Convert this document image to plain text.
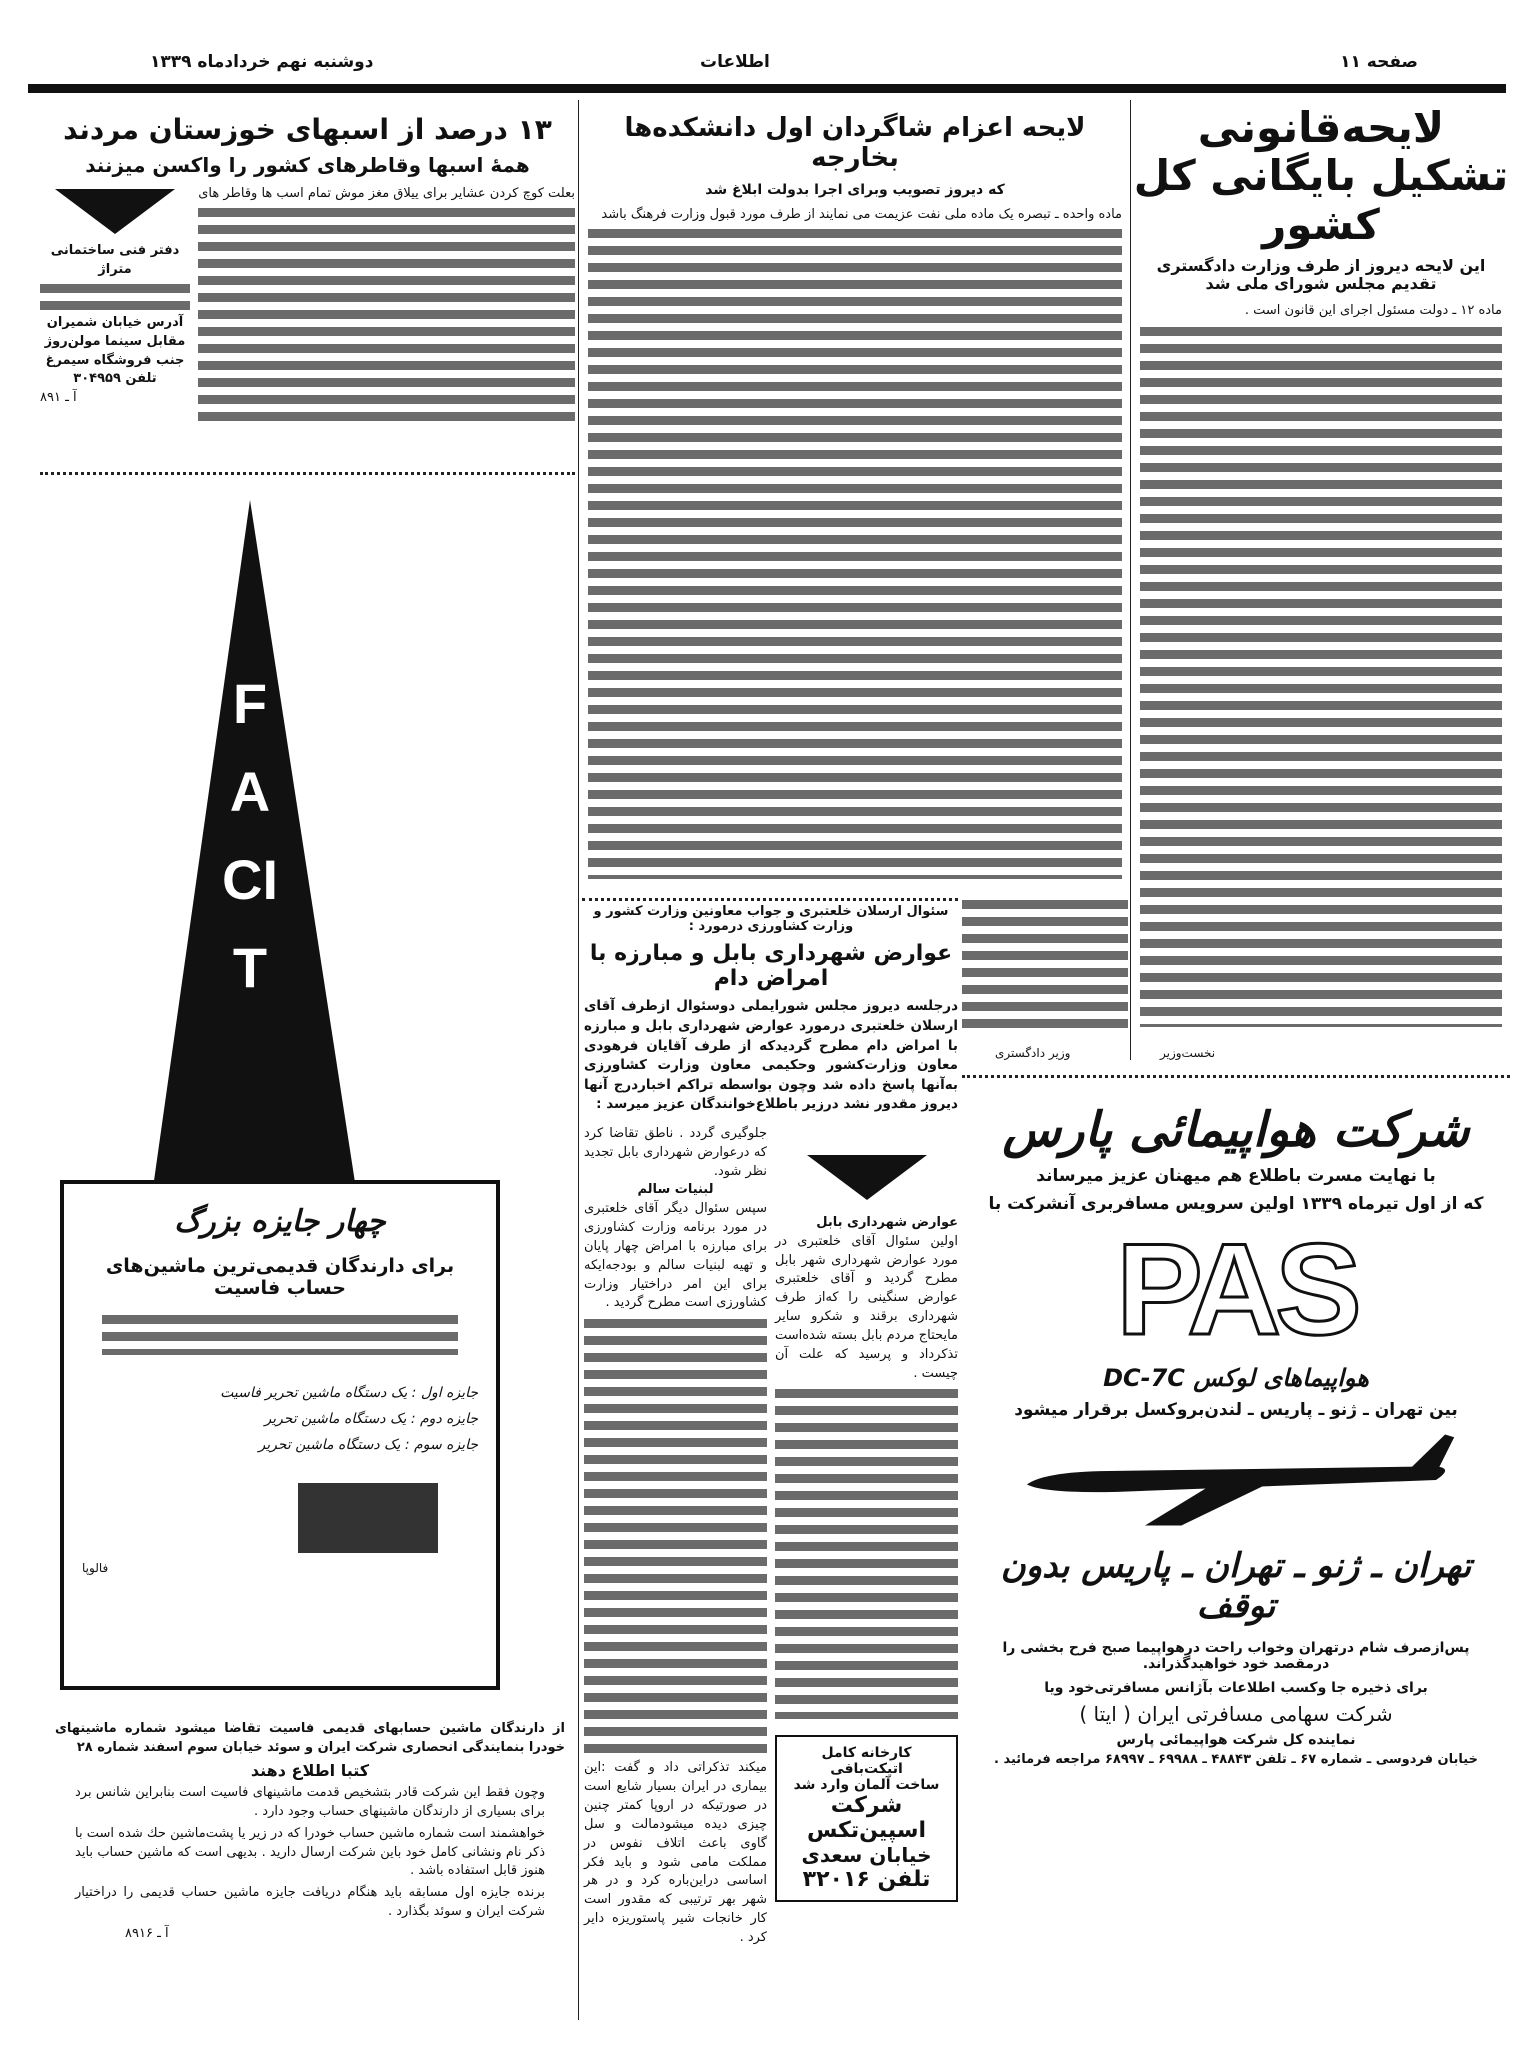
صفحه ۱۱
اطلاعات
دوشنبه نهم خردادماه ۱۳۳۹
لایحه‌قانونی تشکیل بایگانی کل کشور
این لایحه دیروز از طرف وزارت دادگستری تقدیم مجلس شورای ملی شد
ماده ۱۲ ـ دولت مسئول اجرای این قانون است .
لایحه اعزام شاگردان اول دانشکده‌ها بخارجه
که دیروز تصویب وبرای اجرا بدولت ابلاغ شد
ماده واحده ـ تبصره یک ماده ملی نفت عزیمت می نمایند از طرف مورد قبول وزارت فرهنگ باشد
نخست‌وزیر
وزیر دادگستری
۱۳ درصد از اسبهای خوزستان مردند
همهٔ اسبها وقاطرهای کشور را واکسن میزنند
بعلت کوچ کردن عشایر برای ییلاق مغز موش تمام اسب ها وقاطر های
دفتر فنی ساختمانی متراژ
آدرس خیابان شمیران مقابل سینما مولن‌روژ جنب فروشگاه سیمرغ
تلفن ۳۰۴۹۵۹
آ ـ ۸۹۱
FACIT
چهار جایزه بزرگ
برای دارندگان قدیمی‌ترین ماشین‌های حساب فاسیت
جایزه اول : یک دستگاه ماشین تحریر فاسیت
جایزه دوم : یک دستگاه ماشین تحریر
جایزه سوم : یک دستگاه ماشین تحریر
فالوپا
از دارندگان ماشین حسابهای قدیمی فاسیت تقاضا میشود شماره ماشینهای خودرا بنمایندگی انحصاری شرکت ایران و سوئد خیابان سوم اسفند شماره ۲۸
کتبا اطلاع دهند
وچون فقط این شرکت قادر بتشخیص قدمت ماشینهای فاسیت است بنابراین شانس برد برای بسیاری از دارندگان ماشینهای حساب وجود دارد .
خواهشمند است شماره ماشین حساب خودرا که در زیر یا پشت‌ماشین حك شده است با ذکر نام ونشانی کامل خود باین شرکت ارسال دارید . بدیهی است که ماشین حساب باید هنوز قابل استفاده باشد .
برنده جایزه اول مسابقه باید هنگام دریافت جایزه ماشین حساب قدیمی را دراختیار شرکت ایران و سوئد بگذارد .
آ ـ ۸۹۱۶
سئوال ارسلان خلعتبری و جواب معاونین وزارت کشور و وزارت کشاورزی درمورد :
عوارض شهرداری بابل و مبارزه با امراض دام
درجلسه دیروز مجلس شورایملی دوسئوال ازطرف آقای ارسلان خلعتبری درمورد عوارض شهرداری بابل و مبارزه با امراض دام مطرح گردیدکه از طرف آقایان فرهودی معاون وزارت‌کشور وحکیمی معاون وزارت کشاورزی به‌آنها پاسخ داده شد وچون بواسطه تراکم اخباردرج آنها دیروز مقدور نشد درزیر باطلاع‌خوانندگان عزیز میرسد :
عوارض شهرداری بابل
اولین سئوال آقای خلعتبری در مورد عوارض شهرداری شهر بابل مطرح گردید و آقای خلعتبری عوارض سنگینی را که‌از طرف شهرداری برقند و شکرو سایر مایحتاج مردم بابل بسته شده‌است تذکرداد و پرسید که علت آن چیست .
کارخانه کامل اتیکت‌بافی
ساخت آلمان وارد شد
شرکت اسپین‌تکس
خیابان سعدی
تلفن ۳۲۰۱۶
جلوگیری گردد . ناطق تقاضا کرد که درعوارض شهرداری بابل تجدید نظر شود.
لبنیات سالم
سپس سئوال دیگر آقای خلعتبری در مورد برنامه وزارت کشاورزی برای مبارزه با امراض چهار پایان و تهیه لبنیات سالم و بودجه‌ایکه برای این امر دراختیار وزارت کشاورزی است مطرح گردید .
میکند تذکراتی داد و گفت :این بیماری در ایران بسیار شایع است در صورتیکه در اروپا کمتر چنین چیزی دیده میشودمالت و سل گاوی باعث اتلاف نفوس در مملکت مامی شود و باید فکر اساسی دراین‌باره کرد و در هر شهر بهر ترتیبی که مقدور است کار خانجات شیر پاستوریزه دایر کرد .
شرکت هواپیمائی پارس
با نهایت مسرت باطلاع هم میهنان عزیز میرساند
که از اول تیرماه ۱۳۳۹ اولین سرویس مسافربری آنشرکت با
PAS
هواپیماهای لوکس DC-7C
بین تهران ـ ژنو ـ پاریس ـ لندن‌بروکسل برقرار میشود
تهران ـ ژنو ـ تهران ـ پاریس بدون توقف
پس‌ازصرف شام درتهران وخواب راحت درهواپیما صبح فرح بخشی را درمقصد خود خواهیدگذراند.
برای ذخیره جا وکسب اطلاعات بآژانس مسافرتی‌خود ویا
شرکت سهامی مسافرتی ایران ( ایتا )
نماینده کل شرکت هواپیمائی پارس
خیابان فردوسی ـ شماره ۶۷ ـ تلفن ۴۸۸۴۳ ـ ۶۹۹۸۸ ـ ۶۸۹۹۷ مراجعه فرمائید .
